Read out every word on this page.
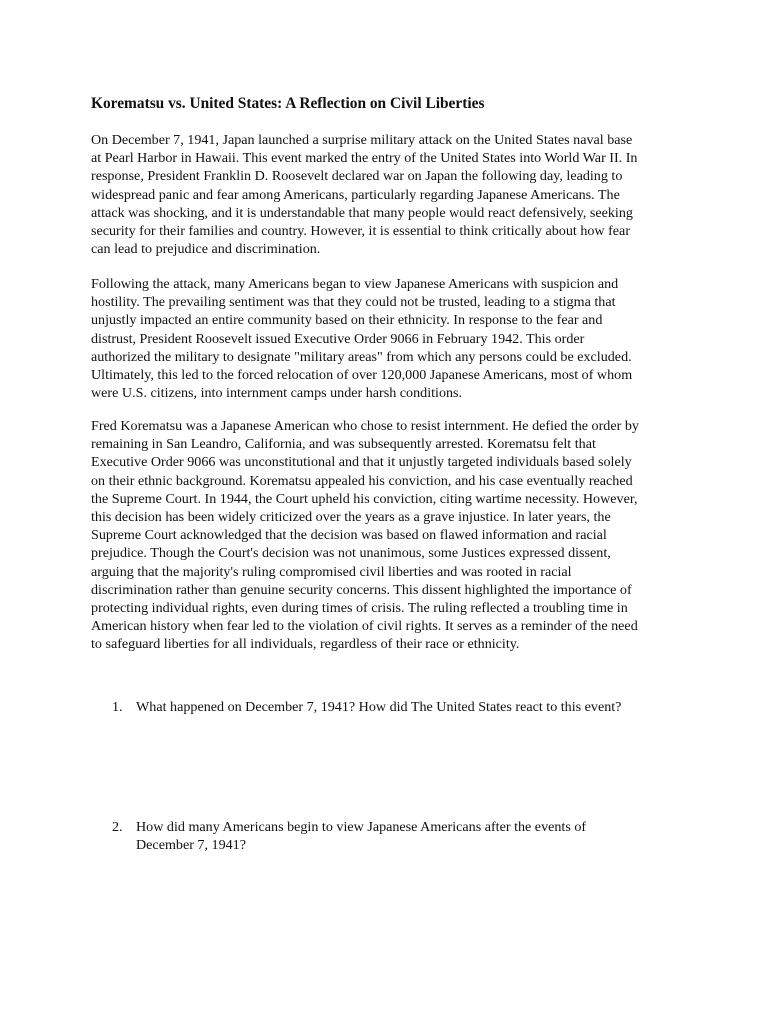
Korematsu vs. United States: A Reflection on Civil Liberties

On December 7, 1941, Japan launched a surprise military attack on the United States naval base
at Pearl Harbor in Hawaii. This event marked the entry of the United States into World War II. In
response, President Franklin D. Roosevelt declared war on Japan the following day, leading to
widespread panic and fear among Americans, particularly regarding Japanese Americans. The
attack was shocking, and it is understandable that many people would react defensively, seeking
security for their families and country. However, it is essential to think critically about how fear
can lead to prejudice and discrimination.

Following the attack, many Americans began to view Japanese Americans with suspicion and
hostility. The prevailing sentiment was that they could not be trusted, leading to a stigma that
unjustly impacted an entire community based on their ethnicity. In response to the fear and
distrust, President Roosevelt issued Executive Order 9066 in February 1942. This order
authorized the military to designate "military areas" from which any persons could be excluded.
Ultimately, this led to the forced relocation of over 120,000 Japanese Americans, most of whom
were U.S. citizens, into internment camps under harsh conditions.

Fred Korematsu was a Japanese American who chose to resist internment. He defied the order by
remaining in San Leandro, California, and was subsequently arrested. Korematsu felt that
Executive Order 9066 was unconstitutional and that it unjustly targeted individuals based solely
on their ethnic background. Korematsu appealed his conviction, and his case eventually reached
the Supreme Court. In 1944, the Court upheld his conviction, citing wartime necessity. However,
this decision has been widely criticized over the years as a grave injustice. In later years, the
Supreme Court acknowledged that the decision was based on flawed information and racial
prejudice. Though the Court's decision was not unanimous, some Justices expressed dissent,
arguing that the majority's ruling compromised civil liberties and was rooted in racial
discrimination rather than genuine security concerns. This dissent highlighted the importance of
protecting individual rights, even during times of crisis. The ruling reflected a troubling time in
American history when fear led to the violation of civil rights. It serves as a reminder of the need
to safeguard liberties for all individuals, regardless of their race or ethnicity.

1. What happened on December 7, 1941? How did The United States react to this event?
2. How did many Americans begin to view Japanese Americans after the events of
December 7, 1941?
